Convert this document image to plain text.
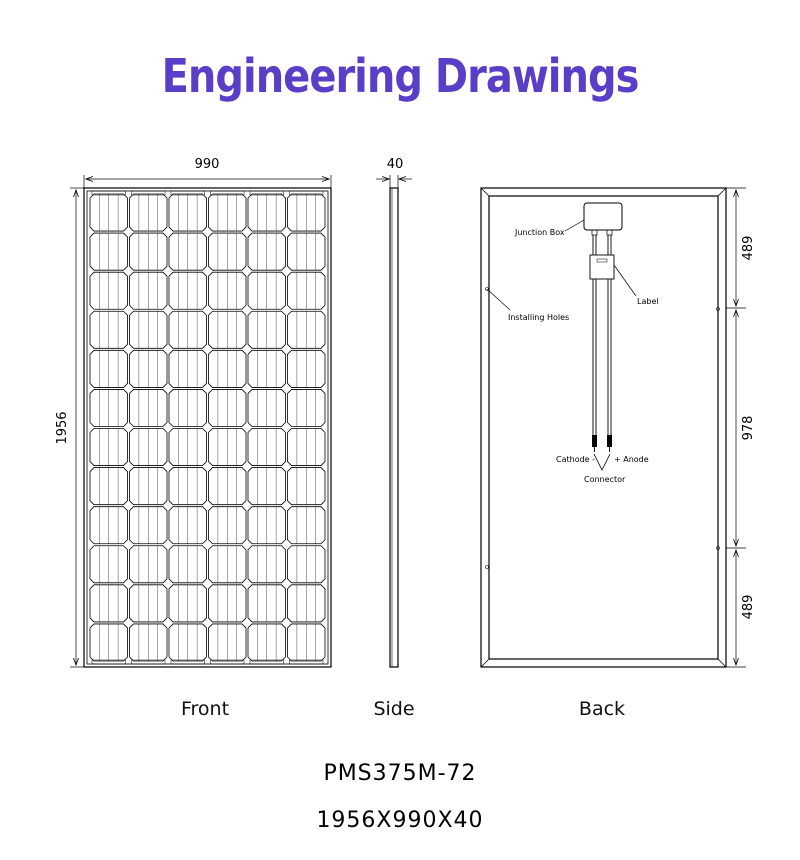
Engineering Drawings
990
1956
40
Junction Box
Label
Installing Holes
Cathode - + Anode
Connector
489
978
489
Front	Side	Back
PMS375M-72
1956X990X40
